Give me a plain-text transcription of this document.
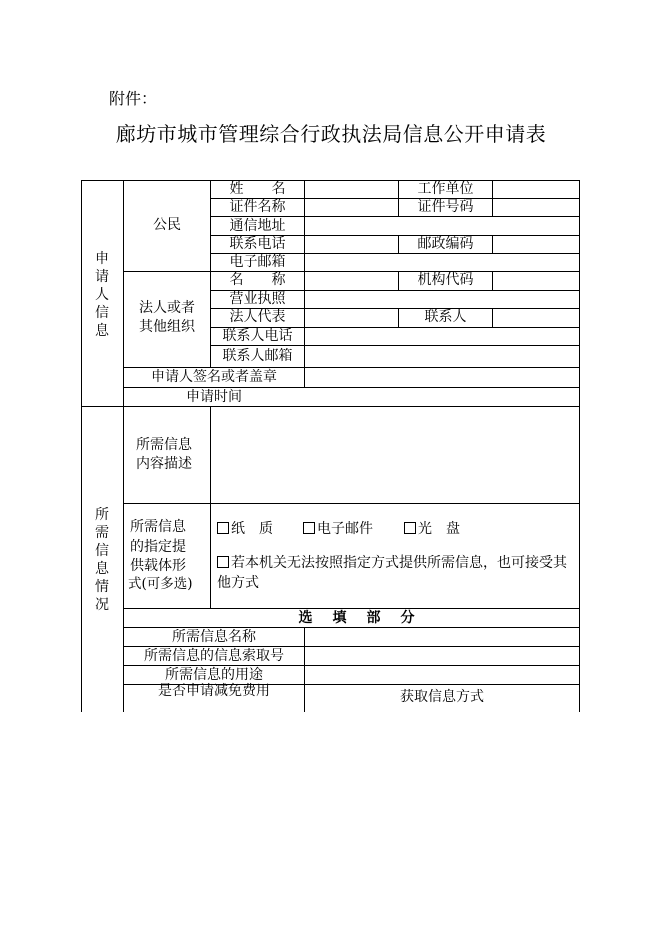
附件：
廊坊市城市管理综合行政执法局信息公开申请表
申请人信息
公民
姓　　名	工作单位
证件名称	证件号码
通信地址
联系电话	邮政编码
电子邮箱
法人或者
其他组织
名　　称	机构代码
营业执照
法人代表	联系人
联系人电话
联系人邮箱
申请人签名或者盖章
申请时间
所需信息情况
所需信息
内容描述
所需信息
的指定提
供载体形
式(可多选)
纸　质	电子邮件	光　盘
若本机关无法按照指定方式提供所需信息，也可接受其他方式
选填部分
所需信息名称
所需信息的信息索取号
所需信息的用途
是否申请减免费用	获取信息方式
